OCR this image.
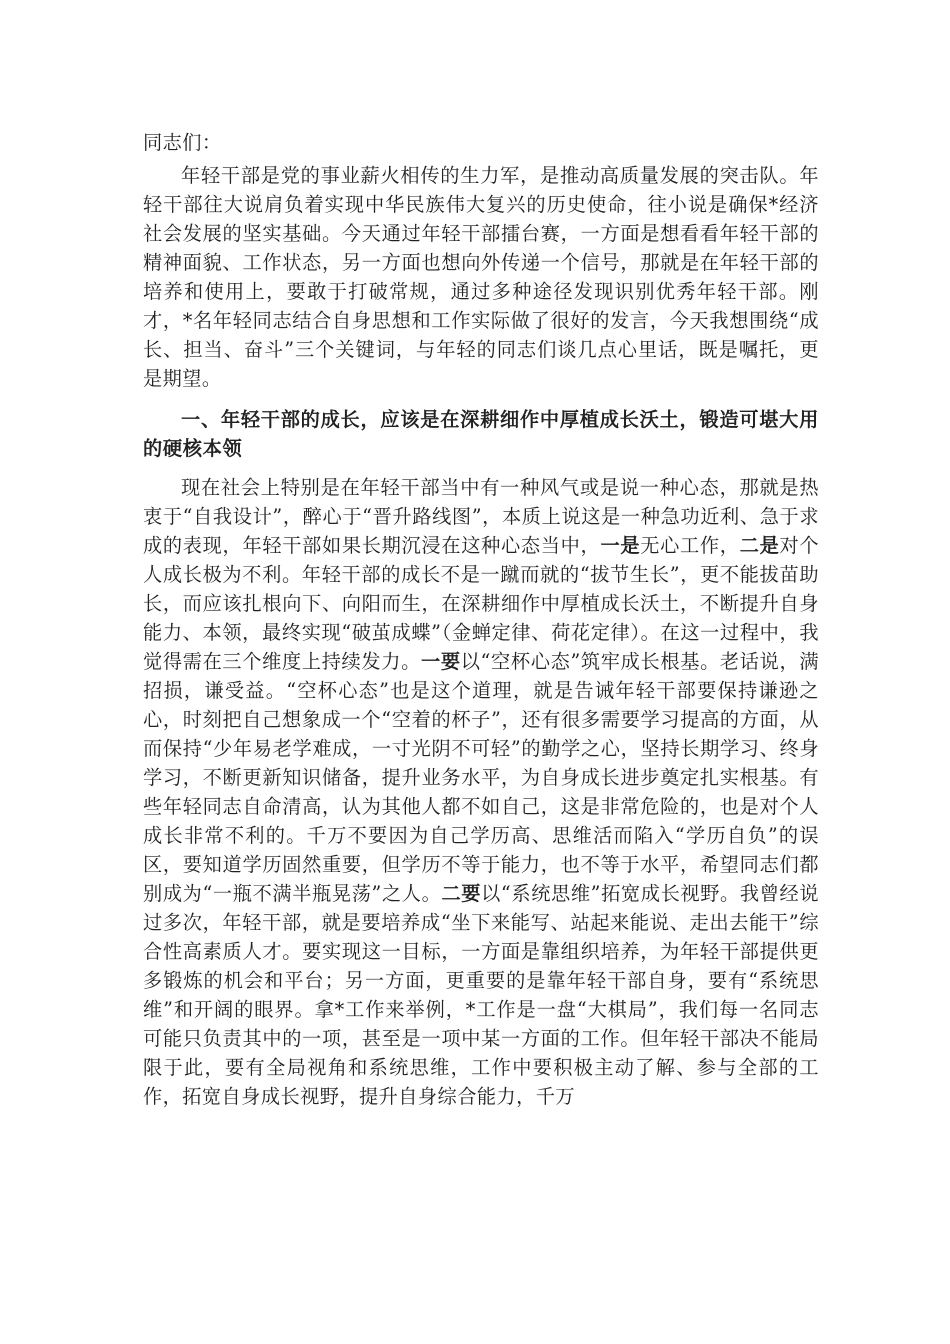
同志们：

年轻干部是党的事业薪火相传的生力军，是推动高质量发展的突击队。年轻干部往大说肩负着实现中华民族伟大复兴的历史使命，往小说是确保*经济社会发展的坚实基础。今天通过年轻干部擂台赛，一方面是想看看年轻干部的精神面貌、工作状态，另一方面也想向外传递一个信号，那就是在年轻干部的培养和使用上，要敢于打破常规，通过多种途径发现识别优秀年轻干部。刚才，*名年轻同志结合自身思想和工作实际做了很好的发言，今天我想围绕“成长、担当、奋斗”三个关键词，与年轻的同志们谈几点心里话，既是嘱托，更是期望。

一、年轻干部的成长，应该是在深耕细作中厚植成长沃土，锻造可堪大用的硬核本领

现在社会上特别是在年轻干部当中有一种风气或是说一种心态，那就是热衷于“自我设计”，醉心于“晋升路线图”，本质上说这是一种急功近利、急于求成的表现，年轻干部如果长期沉浸在这种心态当中，一是无心工作，二是对个人成长极为不利。年轻干部的成长不是一蹴而就的“拔节生长”，更不能拔苗助长，而应该扎根向下、向阳而生，在深耕细作中厚植成长沃土，不断提升自身能力、本领，最终实现“破茧成蝶”（金蝉定律、荷花定律）。在这一过程中，我觉得需在三个维度上持续发力。一要以“空杯心态”筑牢成长根基。老话说，满招损，谦受益。“空杯心态”也是这个道理，就是告诫年轻干部要保持谦逊之心，时刻把自己想象成一个“空着的杯子”，还有很多需要学习提高的方面，从而保持“少年易老学难成，一寸光阴不可轻”的勤学之心，坚持长期学习、终身学习，不断更新知识储备，提升业务水平，为自身成长进步奠定扎实根基。有些年轻同志自命清高，认为其他人都不如自己，这是非常危险的，也是对个人成长非常不利的。千万不要因为自己学历高、思维活而陷入“学历自负”的误区，要知道学历固然重要，但学历不等于能力，也不等于水平，希望同志们都别成为“一瓶不满半瓶晃荡”之人。二要以“系统思维”拓宽成长视野。我曾经说过多次，年轻干部，就是要培养成“坐下来能写、站起来能说、走出去能干”综合性高素质人才。要实现这一目标，一方面是靠组织培养，为年轻干部提供更多锻炼的机会和平台；另一方面，更重要的是靠年轻干部自身，要有“系统思维”和开阔的眼界。拿*工作来举例，*工作是一盘“大棋局”，我们每一名同志可能只负责其中的一项，甚至是一项中某一方面的工作。但年轻干部决不能局限于此，要有全局视角和系统思维，工作中要积极主动了解、参与全部的工作，拓宽自身成长视野，提升自身综合能力，千万
